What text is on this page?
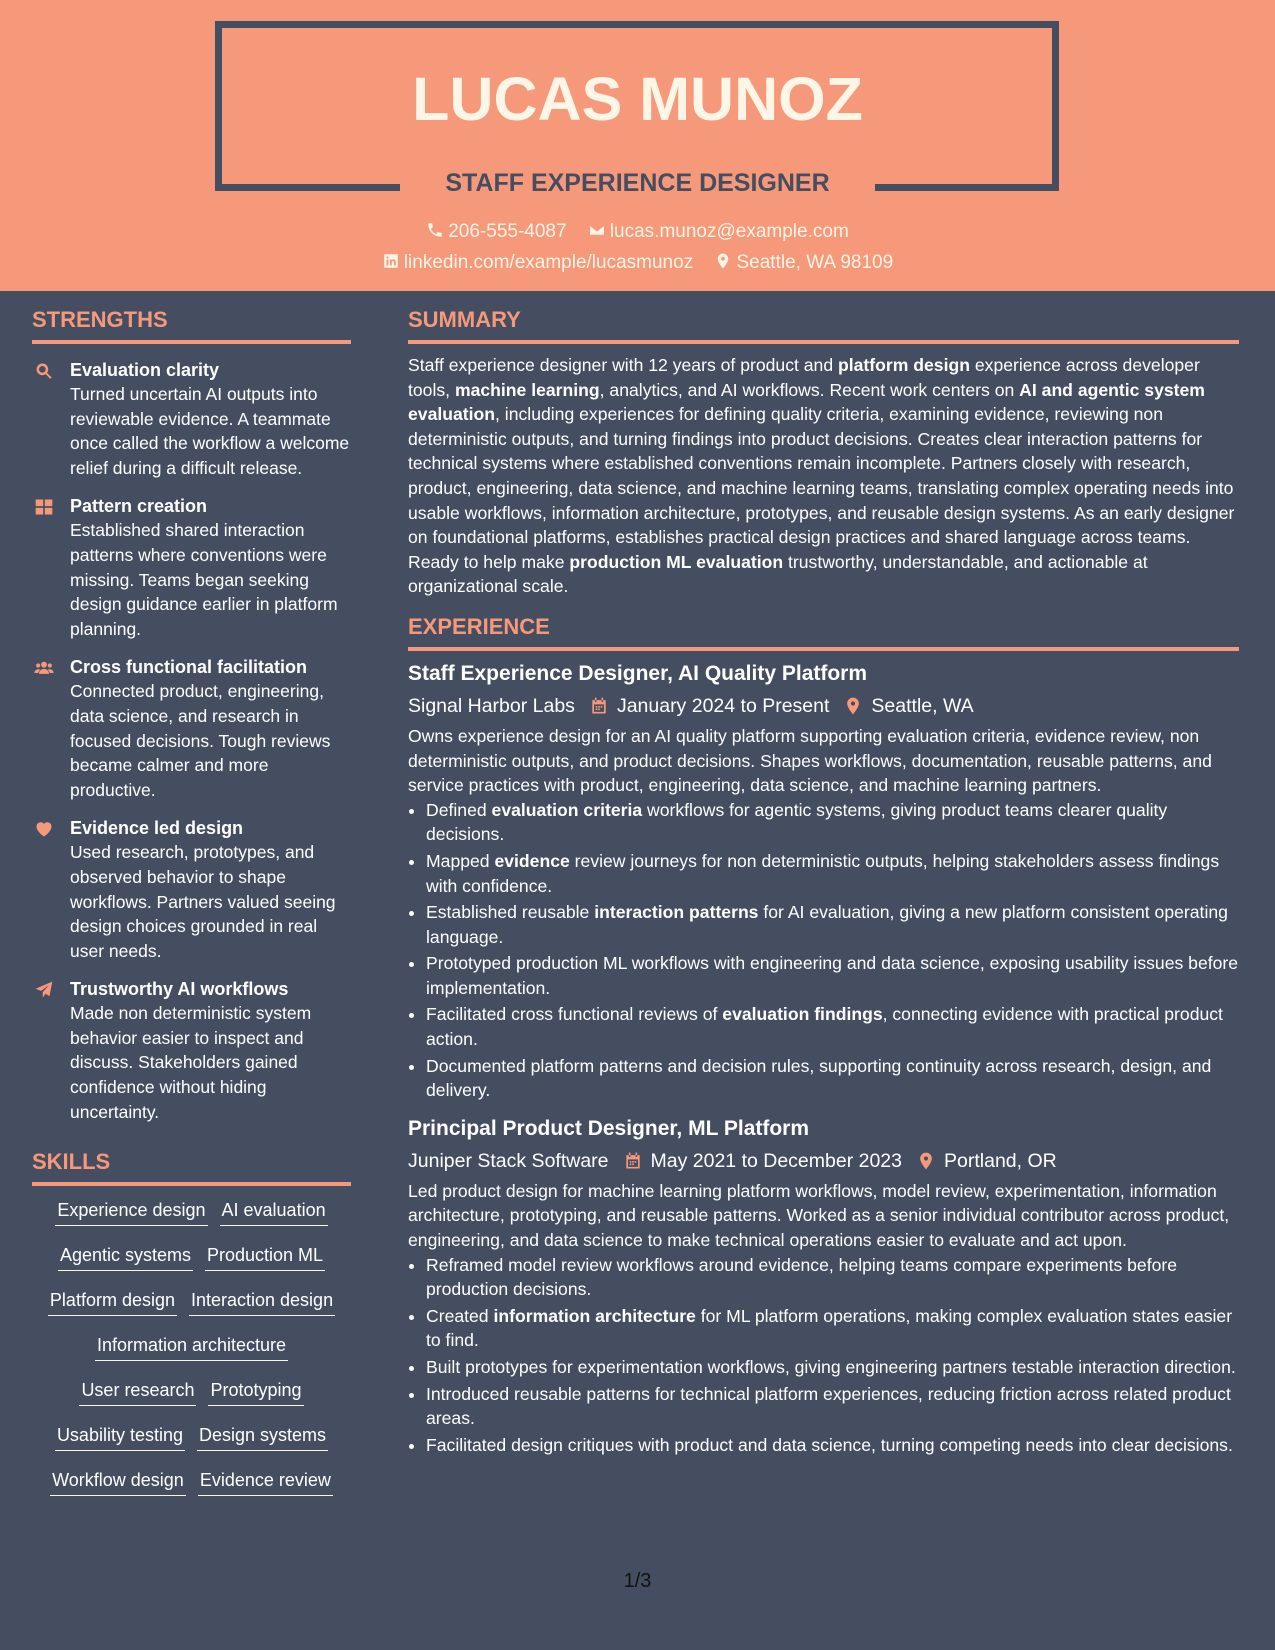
LUCAS MUNOZ
STAFF EXPERIENCE DESIGNER
206-555-4087 lucas.munoz@example.com
linkedin.com/example/lucasmunoz Seattle, WA 98109
STRENGTHS
Evaluation clarity
Turned uncertain AI outputs into reviewable evidence. A teammate once called the workflow a welcome relief during a difficult release.
Pattern creation
Established shared interaction patterns where conventions were missing. Teams began seeking design guidance earlier in platform planning.
Cross functional facilitation
Connected product, engineering, data science, and research in focused decisions. Tough reviews became calmer and more productive.
Evidence led design
Used research, prototypes, and observed behavior to shape workflows. Partners valued seeing design choices grounded in real user needs.
Trustworthy AI workflows
Made non deterministic system behavior easier to inspect and discuss. Stakeholders gained confidence without hiding uncertainty.
SKILLS
Experience design AI evaluation
Agentic systems Production ML
Platform design Interaction design
Information architecture
User research Prototyping
Usability testing Design systems
Workflow design Evidence review
SUMMARY
Staff experience designer with 12 years of product and platform design experience across developer tools, machine learning, analytics, and AI workflows. Recent work centers on AI and agentic system evaluation, including experiences for defining quality criteria, examining evidence, reviewing non deterministic outputs, and turning findings into product decisions. Creates clear interaction patterns for technical systems where established conventions remain incomplete. Partners closely with research, product, engineering, data science, and machine learning teams, translating complex operating needs into usable workflows, information architecture, prototypes, and reusable design systems. As an early designer on foundational platforms, establishes practical design practices and shared language across teams. Ready to help make production ML evaluation trustworthy, understandable, and actionable at organizational scale.
EXPERIENCE
Staff Experience Designer, AI Quality Platform
Signal Harbor Labs January 2024 to Present Seattle, WA
Owns experience design for an AI quality platform supporting evaluation criteria, evidence review, non deterministic outputs, and product decisions. Shapes workflows, documentation, reusable patterns, and service practices with product, engineering, data science, and machine learning partners.
• Defined evaluation criteria workflows for agentic systems, giving product teams clearer quality decisions.
• Mapped evidence review journeys for non deterministic outputs, helping stakeholders assess findings with confidence.
• Established reusable interaction patterns for AI evaluation, giving a new platform consistent operating language.
• Prototyped production ML workflows with engineering and data science, exposing usability issues before implementation.
• Facilitated cross functional reviews of evaluation findings, connecting evidence with practical product action.
• Documented platform patterns and decision rules, supporting continuity across research, design, and delivery.
Principal Product Designer, ML Platform
Juniper Stack Software May 2021 to December 2023 Portland, OR
Led product design for machine learning platform workflows, model review, experimentation, information architecture, prototyping, and reusable patterns. Worked as a senior individual contributor across product, engineering, and data science to make technical operations easier to evaluate and act upon.
• Reframed model review workflows around evidence, helping teams compare experiments before production decisions.
• Created information architecture for ML platform operations, making complex evaluation states easier to find.
• Built prototypes for experimentation workflows, giving engineering partners testable interaction direction.
• Introduced reusable patterns for technical platform experiences, reducing friction across related product areas.
• Facilitated design critiques with product and data science, turning competing needs into clear decisions.
1/3
